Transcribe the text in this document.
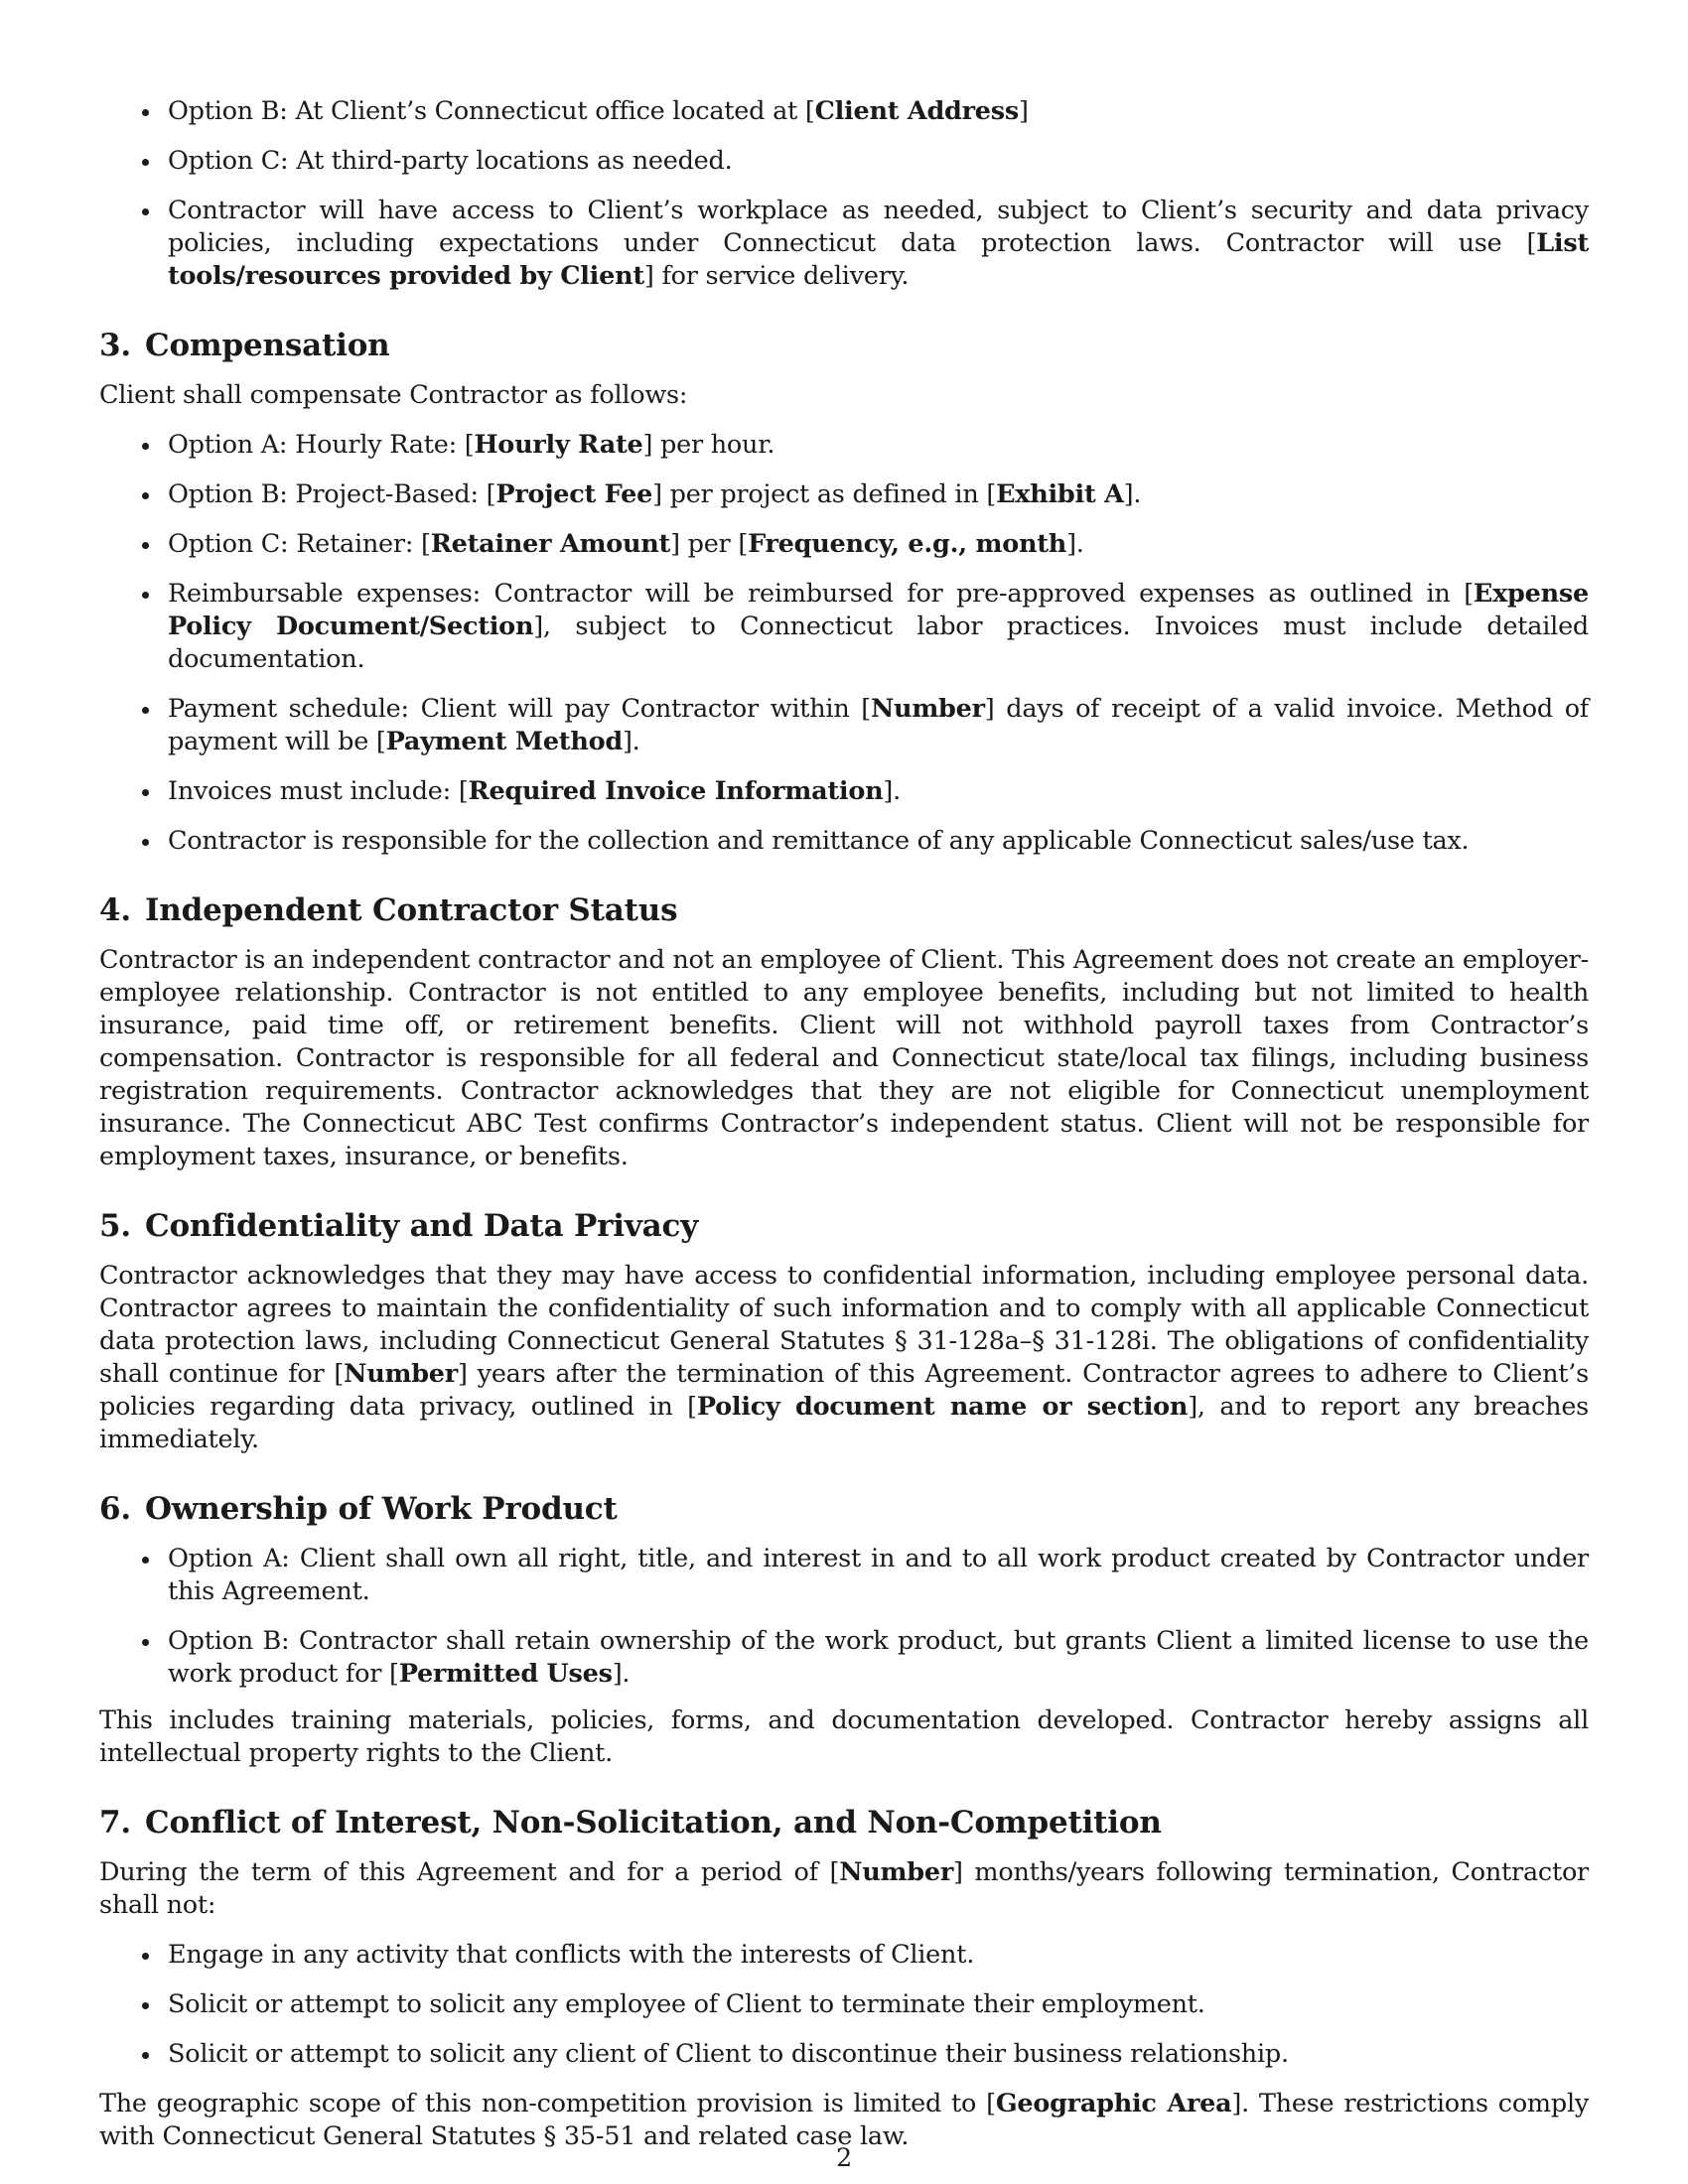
Option B: At Client’s Connecticut office located at [Client Address]
Option C: At third-party locations as needed.
Contractor will have access to Client’s workplace as needed, subject to Client’s security and data privacy policies, including expectations under Connecticut data protection laws. Contractor will use [List tools/resources provided by Client] for service delivery.
3. Compensation
Client shall compensate Contractor as follows:
Option A: Hourly Rate: [Hourly Rate] per hour.
Option B: Project-Based: [Project Fee] per project as defined in [Exhibit A].
Option C: Retainer: [Retainer Amount] per [Frequency, e.g., month].
Reimbursable expenses: Contractor will be reimbursed for pre-approved expenses as outlined in [Expense Policy Document/Section], subject to Connecticut labor practices. Invoices must include detailed documentation.
Payment schedule: Client will pay Contractor within [Number] days of receipt of a valid invoice. Method of payment will be [Payment Method].
Invoices must include: [Required Invoice Information].
Contractor is responsible for the collection and remittance of any applicable Connecticut sales/use tax.
4. Independent Contractor Status

Contractor is an independent contractor and not an employee of Client. This Agreement does not create an employer-employee relationship. Contractor is not entitled to any employee benefits, including but not limited to health insurance, paid time off, or retirement benefits. Client will not withhold payroll taxes from Contractor’s compensation. Contractor is responsible for all federal and Connecticut state/local tax filings, including business registration requirements. Contractor acknowledges that they are not eligible for Connecticut unemployment insurance. The Connecticut ABC Test confirms Contractor’s independent status. Client will not be responsible for employment taxes, insurance, or benefits.

5. Confidentiality and Data Privacy

Contractor acknowledges that they may have access to confidential information, including employee personal data. Contractor agrees to maintain the confidentiality of such information and to comply with all applicable Connecticut data protection laws, including Connecticut General Statutes § 31-128a–§ 31-128i. The obligations of confidentiality shall continue for [Number] years after the termination of this Agreement. Contractor agrees to adhere to Client’s policies regarding data privacy, outlined in [Policy document name or section], and to report any breaches immediately.

6. Ownership of Work Product
Option A: Client shall own all right, title, and interest in and to all work product created by Contractor under this Agreement.
Option B: Contractor shall retain ownership of the work product, but grants Client a limited license to use the work product for [Permitted Uses].

This includes training materials, policies, forms, and documentation developed. Contractor hereby assigns all intellectual property rights to the Client.

7. Conflict of Interest, Non-Solicitation, and Non-Competition

During the term of this Agreement and for a period of [Number] months/years following termination, Contractor shall not:

Engage in any activity that conflicts with the interests of Client.
Solicit or attempt to solicit any employee of Client to terminate their employment.
Solicit or attempt to solicit any client of Client to discontinue their business relationship.

The geographic scope of this non-competition provision is limited to [Geographic Area]. These restrictions comply with Connecticut General Statutes § 35-51 and related case law.

2
